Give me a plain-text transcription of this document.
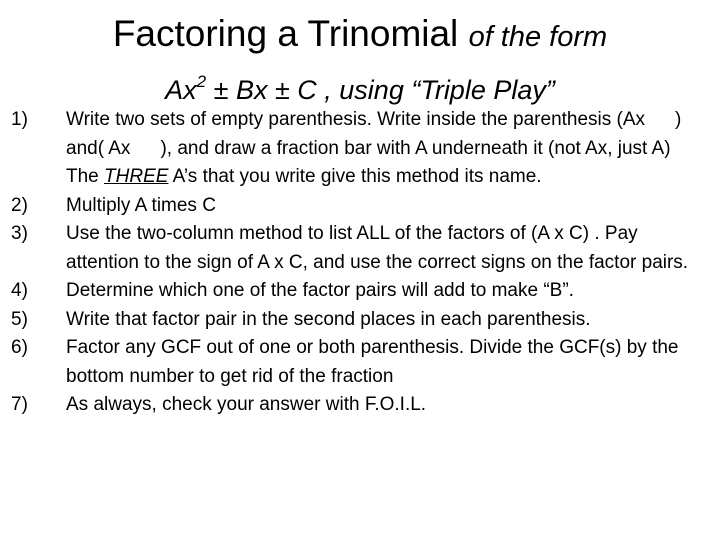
Factoring a Trinomial of the form
$Ax^2 \pm Bx \pm C$ , using “Triple Play”
1) Write two sets of empty parenthesis. Write inside the parenthesis (Ax ) and( Ax ), and draw a fraction bar with A underneath it (not Ax, just A) The THREE A’s that you write give this method its name.
2) Multiply A times C
3) Use the two-column method to list ALL of the factors of (A x C) . Pay attention to the sign of A x C, and use the correct signs on the factor pairs.
4) Determine which one of the factor pairs will add to make “B”.
5) Write that factor pair in the second places in each parenthesis.
6) Factor any GCF out of one or both parenthesis. Divide the GCF(s) by the bottom number to get rid of the fraction
7) As always, check your answer with F.O.I.L.
